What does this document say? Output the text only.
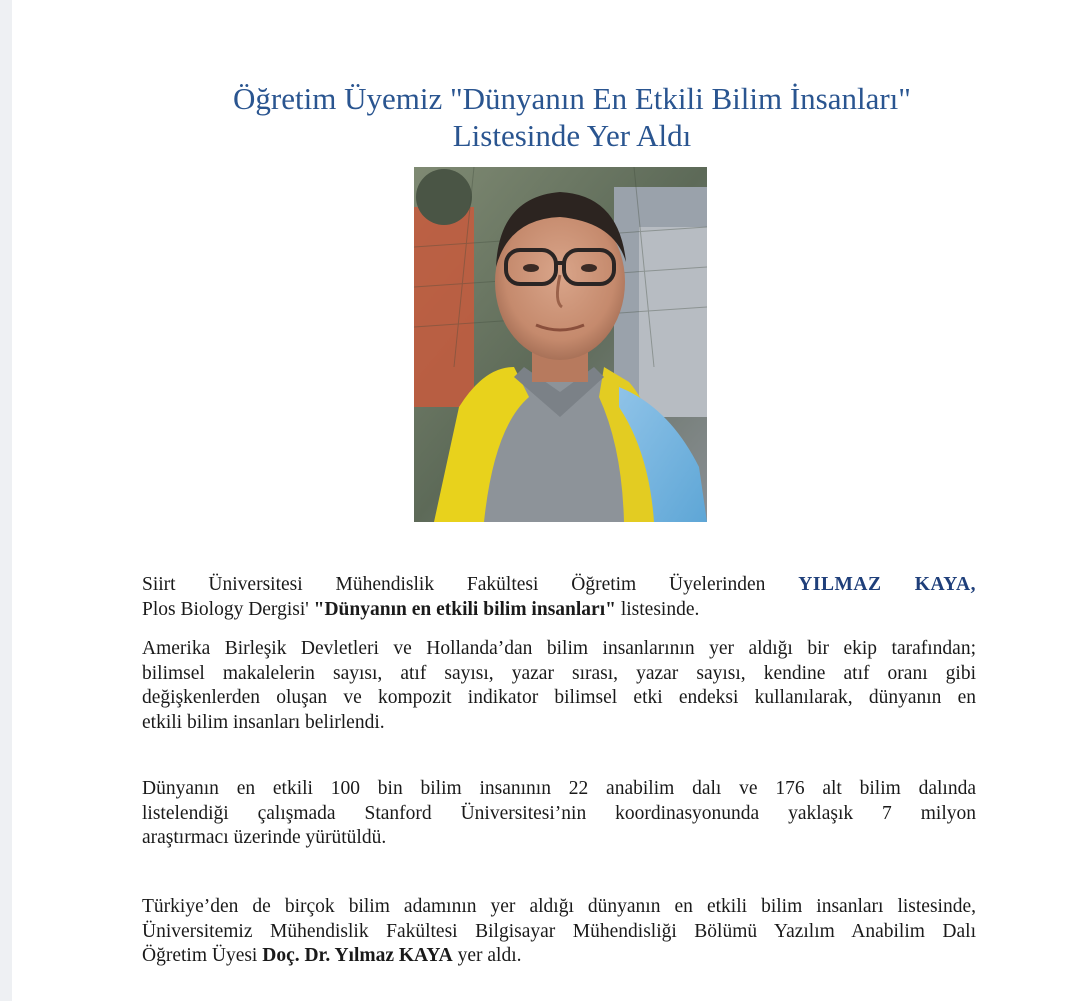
Öğretim Üyemiz "Dünyanın En Etkili Bilim İnsanları"
Listesinde Yer Aldı
Siirt Üniversitesi Mühendislik Fakültesi Öğretim Üyelerinden YILMAZ KAYA,
Plos Biology Dergisi' "Dünyanın en etkili bilim insanları" listesinde.
Amerika Birleşik Devletleri ve Hollanda’dan bilim insanlarının yer aldığı bir ekip tarafından;
bilimsel makalelerin sayısı, atıf sayısı, yazar sırası, yazar sayısı, kendine atıf oranı gibi
değişkenlerden oluşan ve kompozit indikator bilimsel etki endeksi kullanılarak, dünyanın en
etkili bilim insanları belirlendi.
Dünyanın en etkili 100 bin bilim insanının 22 anabilim dalı ve 176 alt bilim dalında
listelendiği çalışmada Stanford Üniversitesi’nin koordinasyonunda yaklaşık 7 milyon
araştırmacı üzerinde yürütüldü.
Türkiye’den de birçok bilim adamının yer aldığı dünyanın en etkili bilim insanları listesinde,
Üniversitemiz Mühendislik Fakültesi Bilgisayar Mühendisliği Bölümü Yazılım Anabilim Dalı
Öğretim Üyesi Doç. Dr. Yılmaz KAYA yer aldı.
